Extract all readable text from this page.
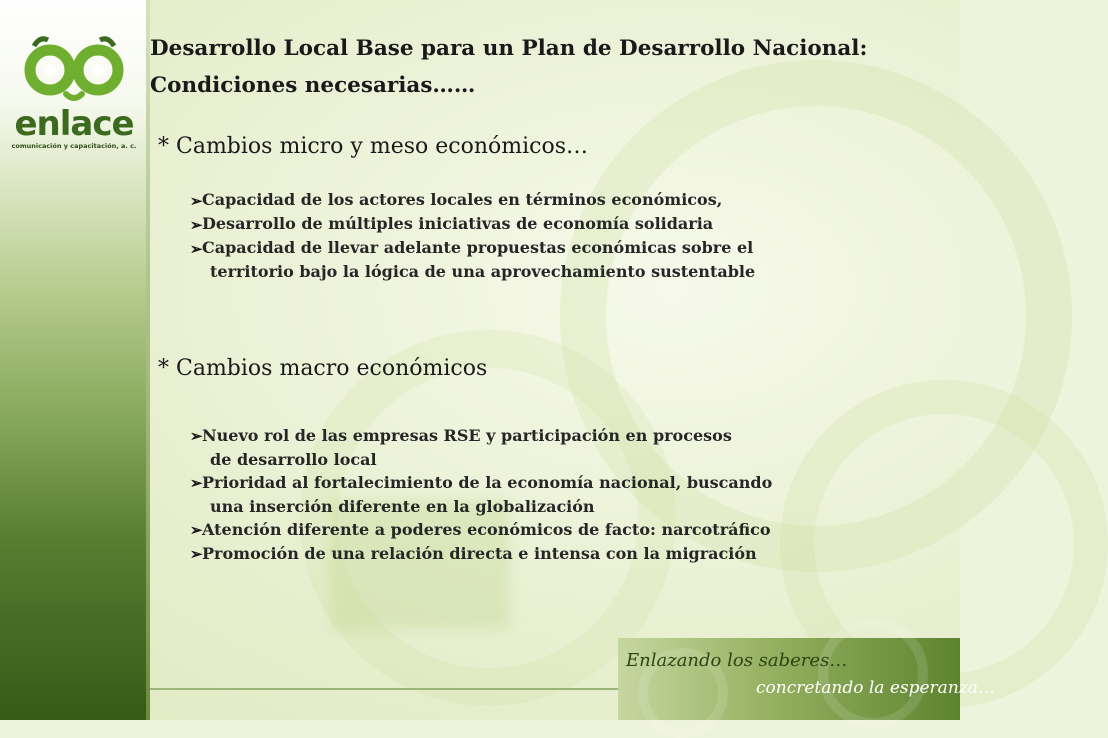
enlace
comunicación y capacitación, a. c.
Desarrollo Local Base para un Plan de Desarrollo Nacional:
Condiciones necesarias……
* Cambios micro y meso económicos…
➢ Capacidad de los actores locales en términos económicos,
➢ Desarrollo de múltiples iniciativas de economía solidaria
➢ Capacidad de llevar adelante propuestas económicas sobre el
territorio bajo la lógica de una aprovechamiento sustentable
* Cambios macro económicos
➢ Nuevo rol de las empresas RSE y participación en procesos
de desarrollo local
➢ Prioridad al fortalecimiento de la economía nacional, buscando
una inserción diferente en la globalización
➢ Atención diferente a poderes económicos de facto: narcotráfico
➢ Promoción de una relación directa e intensa con la migración
Enlazando los saberes…
concretando la esperanza…
